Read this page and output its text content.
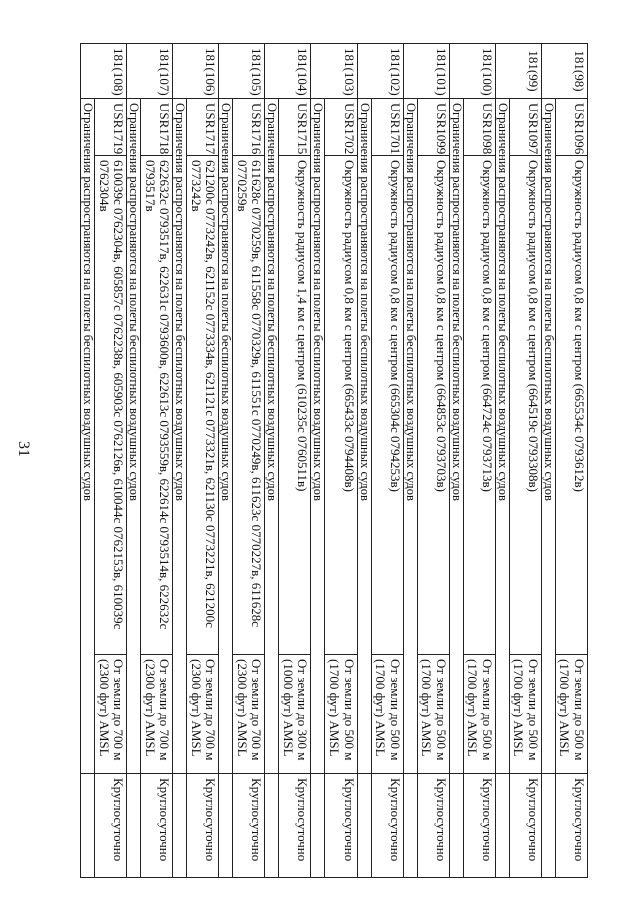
31
181(98)	USR1096	Окружность радиусом 0,8 км с центром (665534с 0793612в)	От земли до 500 м (1700 фут) AMSL	Круглосуточно
	Ограничения распространяются на полеты беспилотных воздушных судов			
181(99)	USR1097	Окружность радиусом 0,8 км с центром (664519с 0793308в)	От земли до 500 м (1700 фут) AMSL	Круглосуточно
	Ограничения распространяются на полеты беспилотных воздушных судов			
181(100)	USR1098	Окружность радиусом 0,8 км с центром (664724с 0793713в)	От земли до 500 м (1700 фут) AMSL	Круглосуточно
	Ограничения распространяются на полеты беспилотных воздушных судов			
181(101)	USR1099	Окружность радиусом 0,8 км с центром (664853с 0793703в)	От земли до 500 м (1700 фут) AMSL	Круглосуточно
	Ограничения распространяются на полеты беспилотных воздушных судов			
181(102)	USR1701	Окружность радиусом 0,8 км с центром (665304с 0794253в)	От земли до 500 м (1700 фут) AMSL	Круглосуточно
	Ограничения распространяются на полеты беспилотных воздушных судов			
181(103)	USR1702	Окружность радиусом 0,8 км с центром (665433с 0794408в)	От земли до 500 м (1700 фут) AMSL	Круглосуточно
	Ограничения распространяются на полеты беспилотных воздушных судов			
181(104)	USR1715	Окружность радиусом 1,4 км с центром (610235с 0760511в)	От земли до 300 м (1000 фут) AMSL	Круглосуточно
	Ограничения распространяются на полеты беспилотных воздушных судов			
181(105)	USR1716	611628с 0770259в, 611558с 0770329в, 611551с 0770249в, 611623с 0770227в, 611628с 0770259в	От земли до 700 м (2300 фут) AMSL	Круглосуточно
	Ограничения распространяются на полеты беспилотных воздушных судов			
181(106)	USR1717	621200с 0773242в, 621152с 0773334в, 621121с 0773321в, 621130с 0773221в, 621200с 0773242в	От земли до 700 м (2300 фут) AMSL	Круглосуточно
	Ограничения распространяются на полеты беспилотных воздушных судов			
181(107)	USR1718	622632с 0793517в, 622631с 0793600в, 622613с 0793559в, 622614с 0793514в, 622632с 0793517в	От земли до 700 м (2300 фут) AMSL	Круглосуточно
	Ограничения распространяются на полеты беспилотных воздушных судов			
181(108)	USR1719	610039с 0762304в, 605857с 0762238в, 605903с 0762126в, 610044с 0762153в, 610039с 0762304в	От земли до 700 м (2300 фут) AMSL	Круглосуточно
	Ограничения распространяются на полеты беспилотных воздушных судов			
